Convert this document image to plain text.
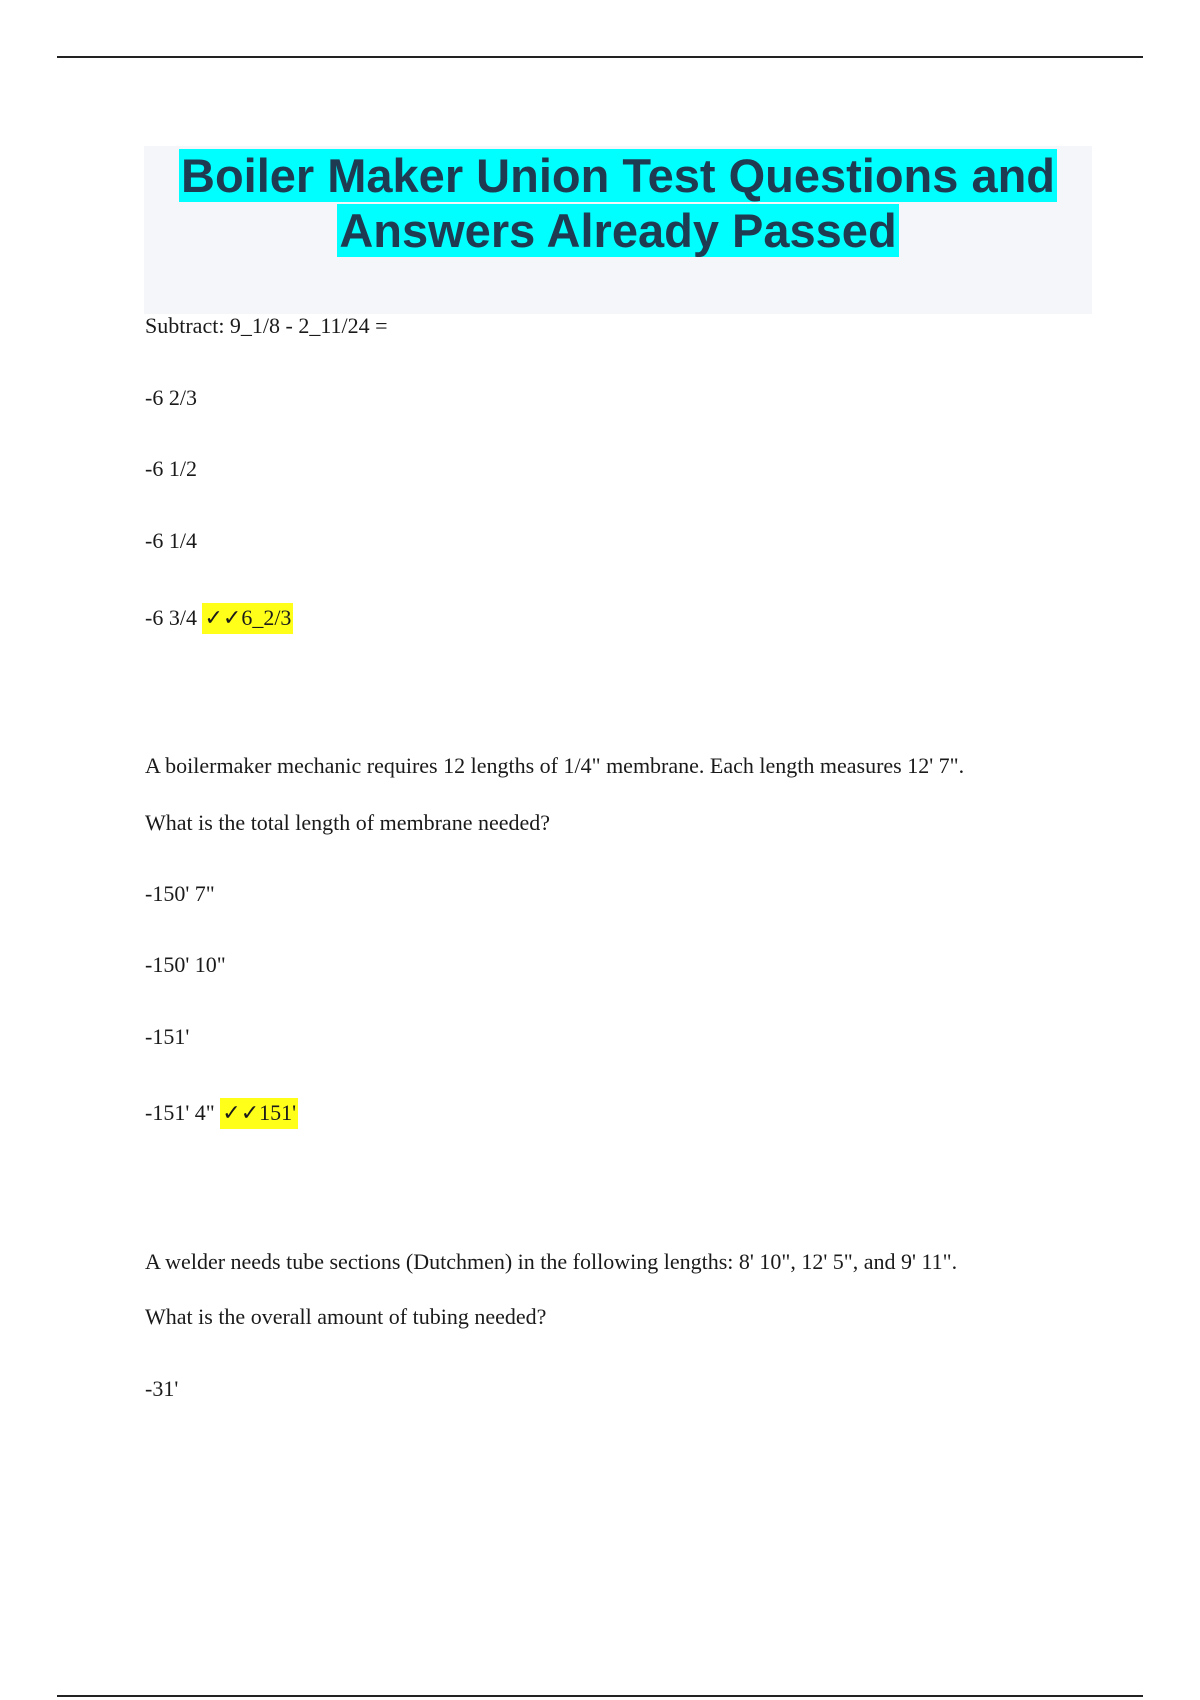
Boiler Maker Union Test Questions and
Answers Already Passed
Subtract: 9_1/8 - 2_11/24 =
-6 2/3
-6 1/2
-6 1/4
-6 3/4 ✓✓6_2/3
A boilermaker mechanic requires 12 lengths of 1/4" membrane. Each length measures 12' 7".
What is the total length of membrane needed?
-150' 7"
-150' 10"
-151'
-151' 4" ✓✓151'
A welder needs tube sections (Dutchmen) in the following lengths: 8' 10", 12' 5", and 9' 11".
What is the overall amount of tubing needed?
-31'
